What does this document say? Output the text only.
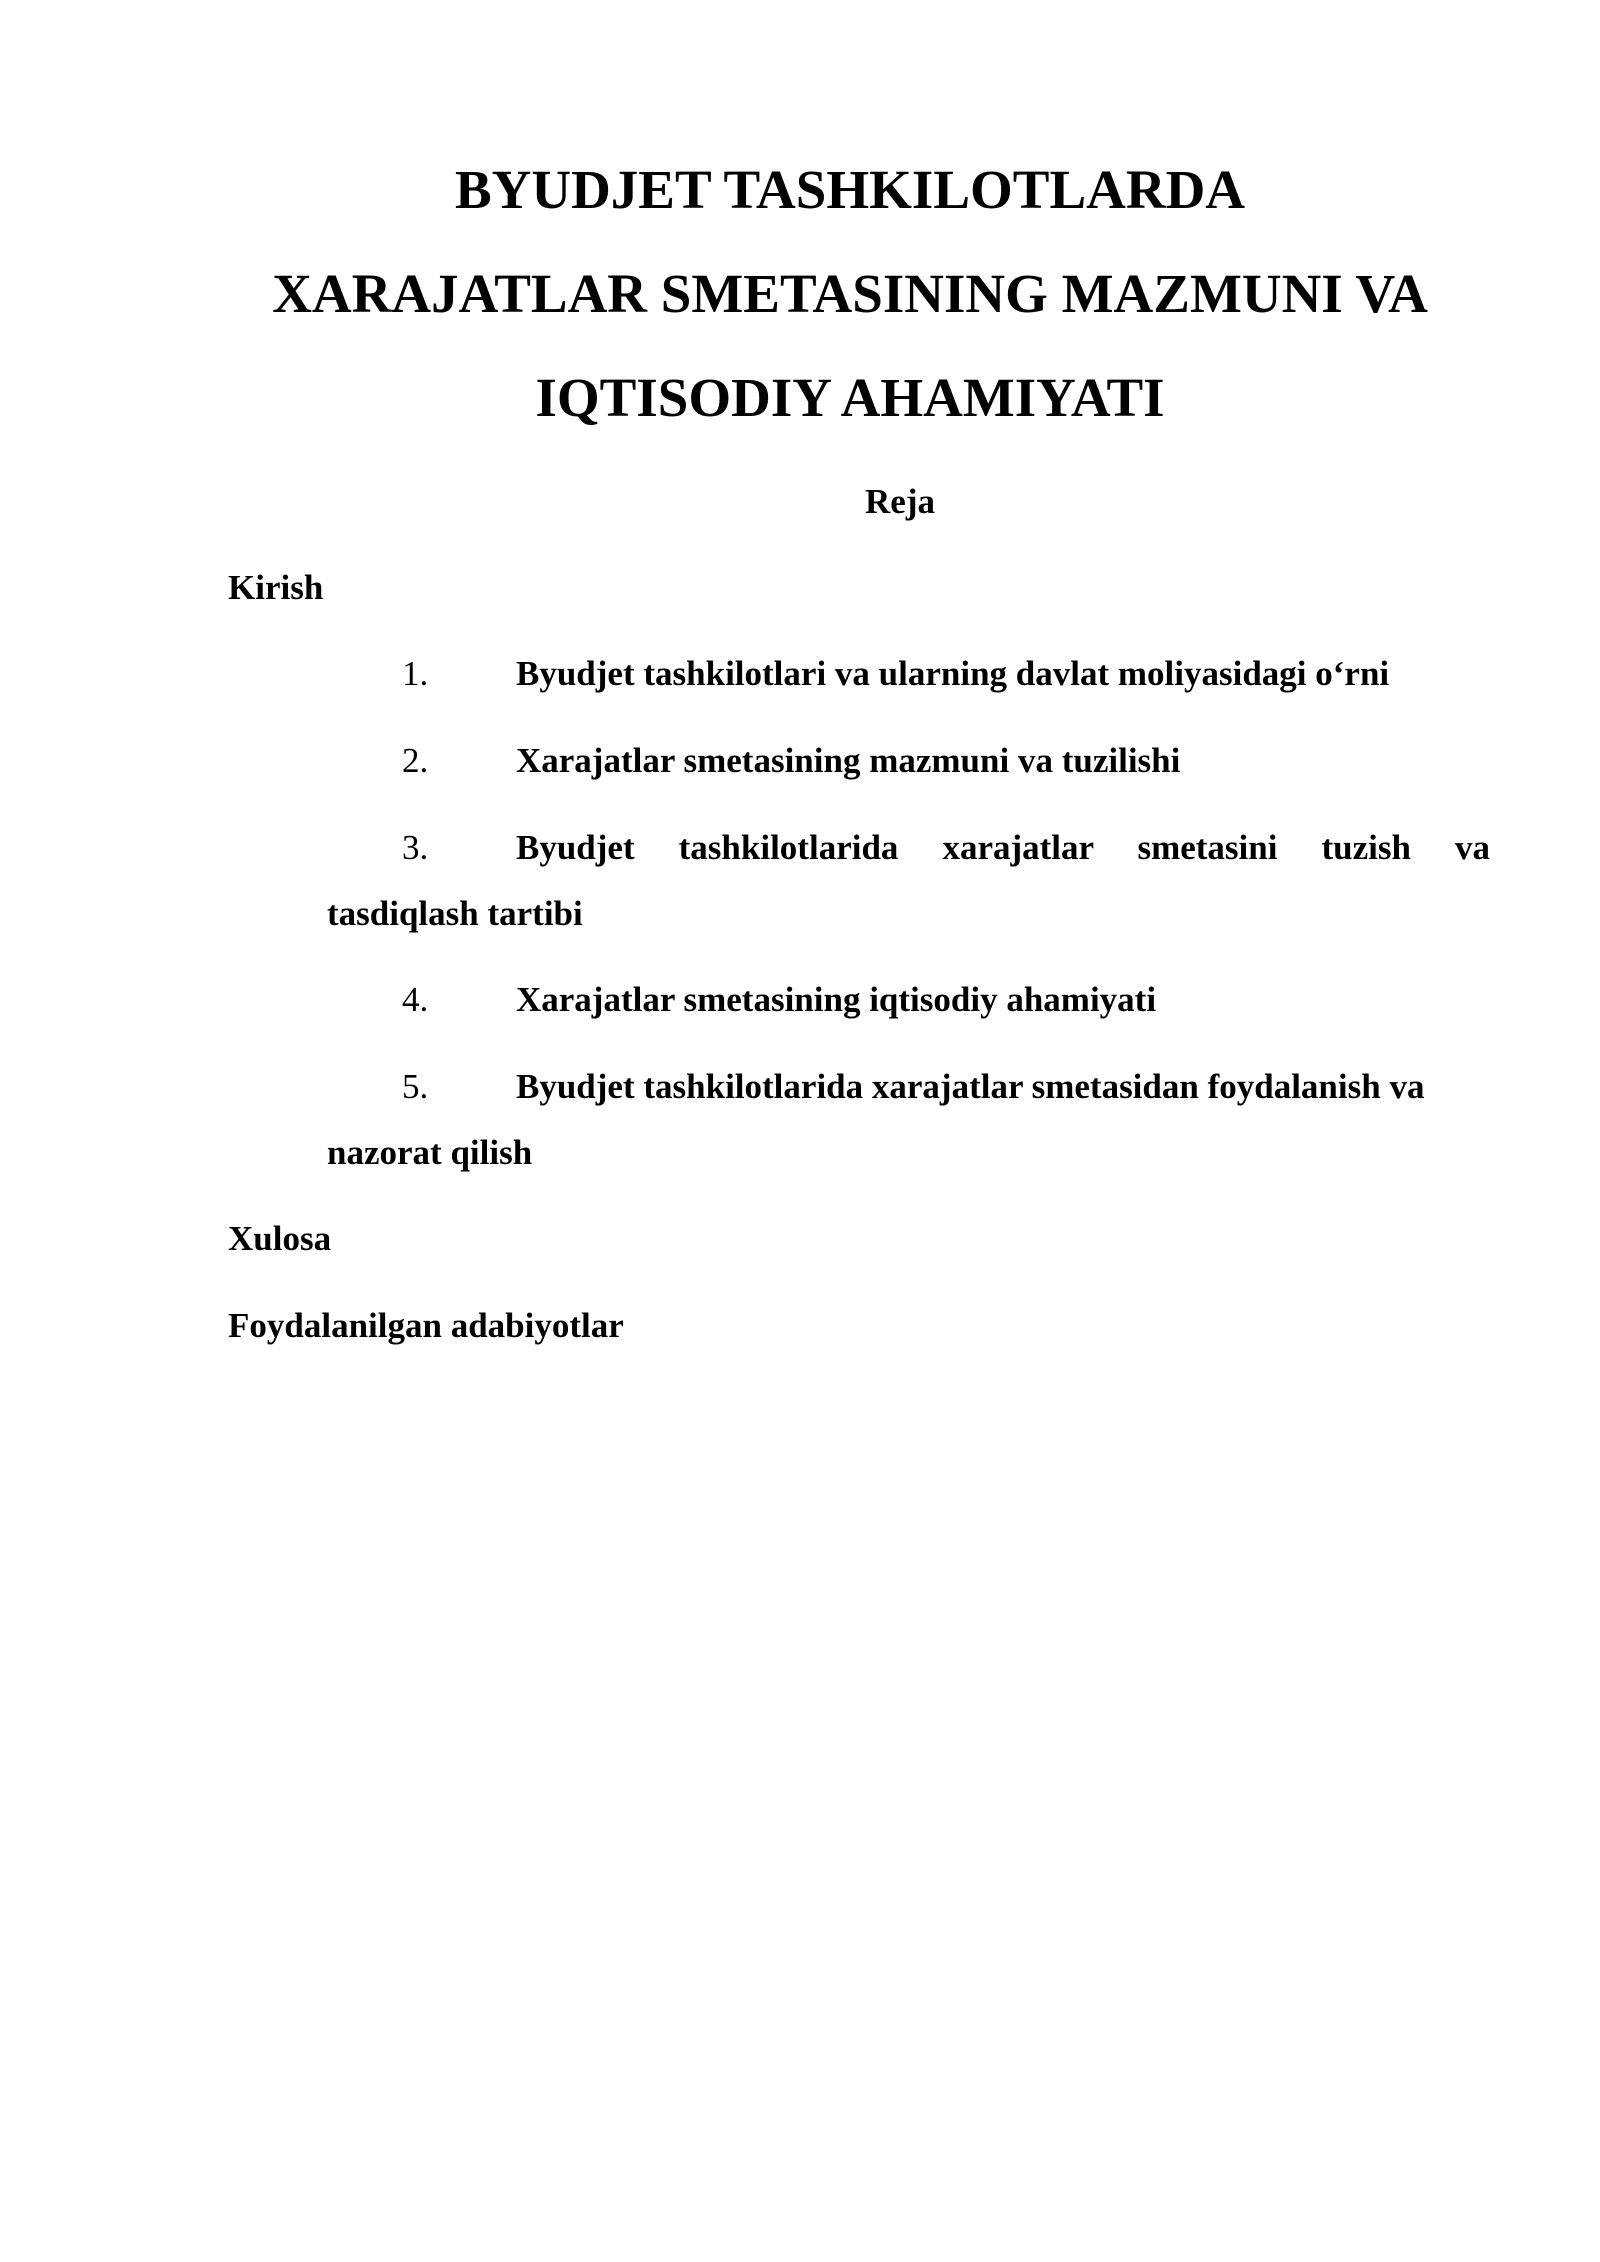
BYUDJET TASHKILOTLARDA
XARAJATLAR SMETASINING MAZMUNI VA
IQTISODIY AHAMIYATI

Reja

Kirish

1.	Byudjet tashkilotlari va ularning davlat moliyasidagi o‘rni
2.	Xarajatlar smetasining mazmuni va tuzilishi
3.	Byudjet tashkilotlarida xarajatlar smetasini tuzish va
tasdiqlash tartibi
4.	Xarajatlar smetasining iqtisodiy ahamiyati
5.	Byudjet tashkilotlarida xarajatlar smetasidan foydalanish va
nazorat qilish

Xulosa

Foydalanilgan adabiyotlar
